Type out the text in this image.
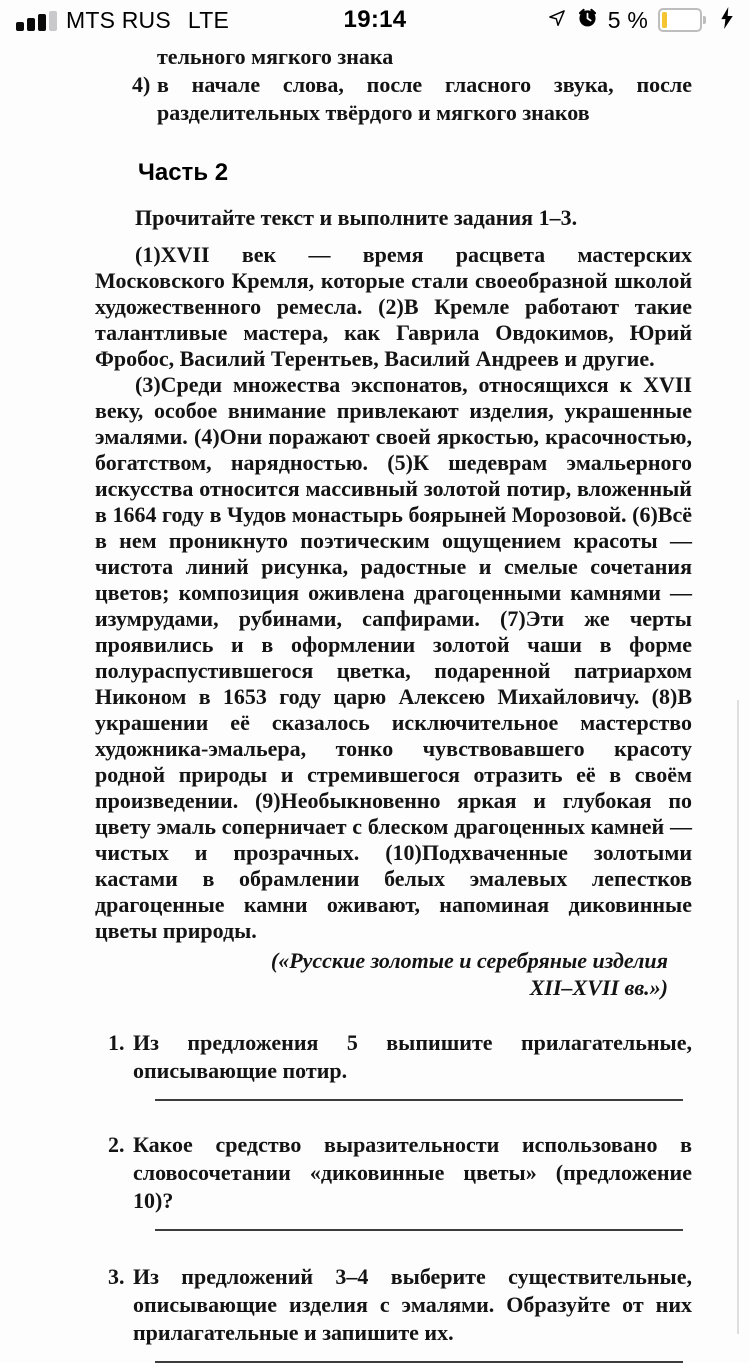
MTS RUS LTE	19:14	5 %
тельного мягкого знака
4) в начале слова, после гласного звука, после разделительных твёрдого и мягкого знаков
Часть 2

Прочитайте текст и выполните задания 1–3.

(1)XVII век — время расцвета мастерских Московского Кремля, которые стали своеобразной школой художественного ремесла. (2)В Кремле работают такие талантливые мастера, как Гаврила Овдокимов, Юрий Фробос, Василий Терентьев, Василий Андреев и другие.

(3)Среди множества экспонатов, относящихся к XVII веку, особое внимание привлекают изделия, украшенные эмалями. (4)Они поражают своей яркостью, красочностью, богатством, нарядностью. (5)К шедеврам эмальерного искусства относится массивный золотой потир, вложенный в 1664 году в Чудов монастырь боярыней Морозовой. (6)Всё в нем проникнуто поэтическим ощущением красоты — чистота линий рисунка, радостные и смелые сочетания цветов; композиция оживлена драгоценными камнями — изумрудами, рубинами, сапфирами. (7)Эти же черты проявились и в оформлении золотой чаши в форме полураспустившегося цветка, подаренной патриархом Никоном в 1653 году царю Алексею Михайловичу. (8)В украшении её сказалось исключительное мастерство художника-эмальера, тонко чувствовавшего красоту родной природы и стремившегося отразить её в своём произведении. (9)Необыкновенно яркая и глубокая по цвету эмаль соперничает с блеском драгоценных камней — чистых и прозрачных. (10)Подхваченные золотыми кастами в обрамлении белых эмалевых лепестков драгоценные камни оживают, напоминая диковинные цветы природы.

(«Русские золотые и серебряные изделия
XII–XVII вв.»)
1. Из предложения 5 выпишите прилагательные, описывающие потир.
2. Какое средство выразительности использовано в словосочетании «диковинные цветы» (предложение 10)?
3. Из предложений 3–4 выберите существительные, описывающие изделия с эмалями. Образуйте от них прилагательные и запишите их.
